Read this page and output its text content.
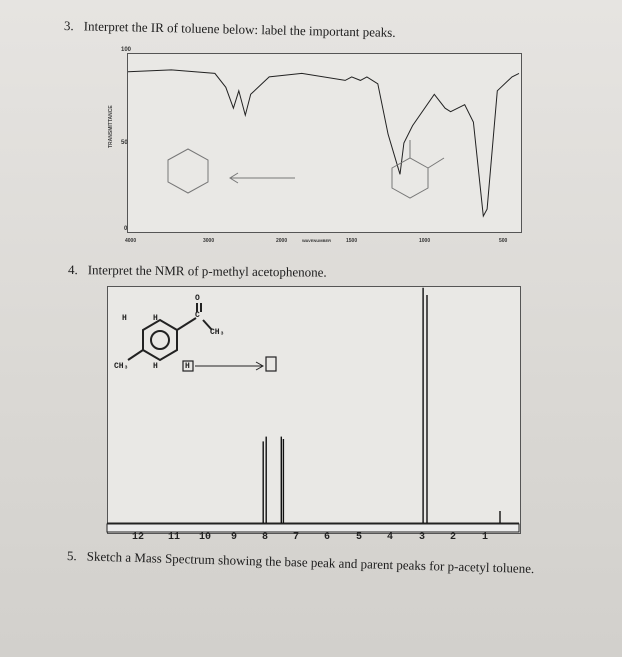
3. Interpret the IR of toluene below: label the important peaks.
100
50
0
TRANSMITTANCE
4000	3000	2000	1500	1000	500
WAVENUMBER
4. Interpret the NMR of p-methyl acetophenone.
O
C
CH₃
CH₃
H	H
H	H
12 11 10 9 8 7 6	5 4	3 2	1
5. Sketch a Mass Spectrum showing the base peak and parent peaks for p-acetyl toluene.
